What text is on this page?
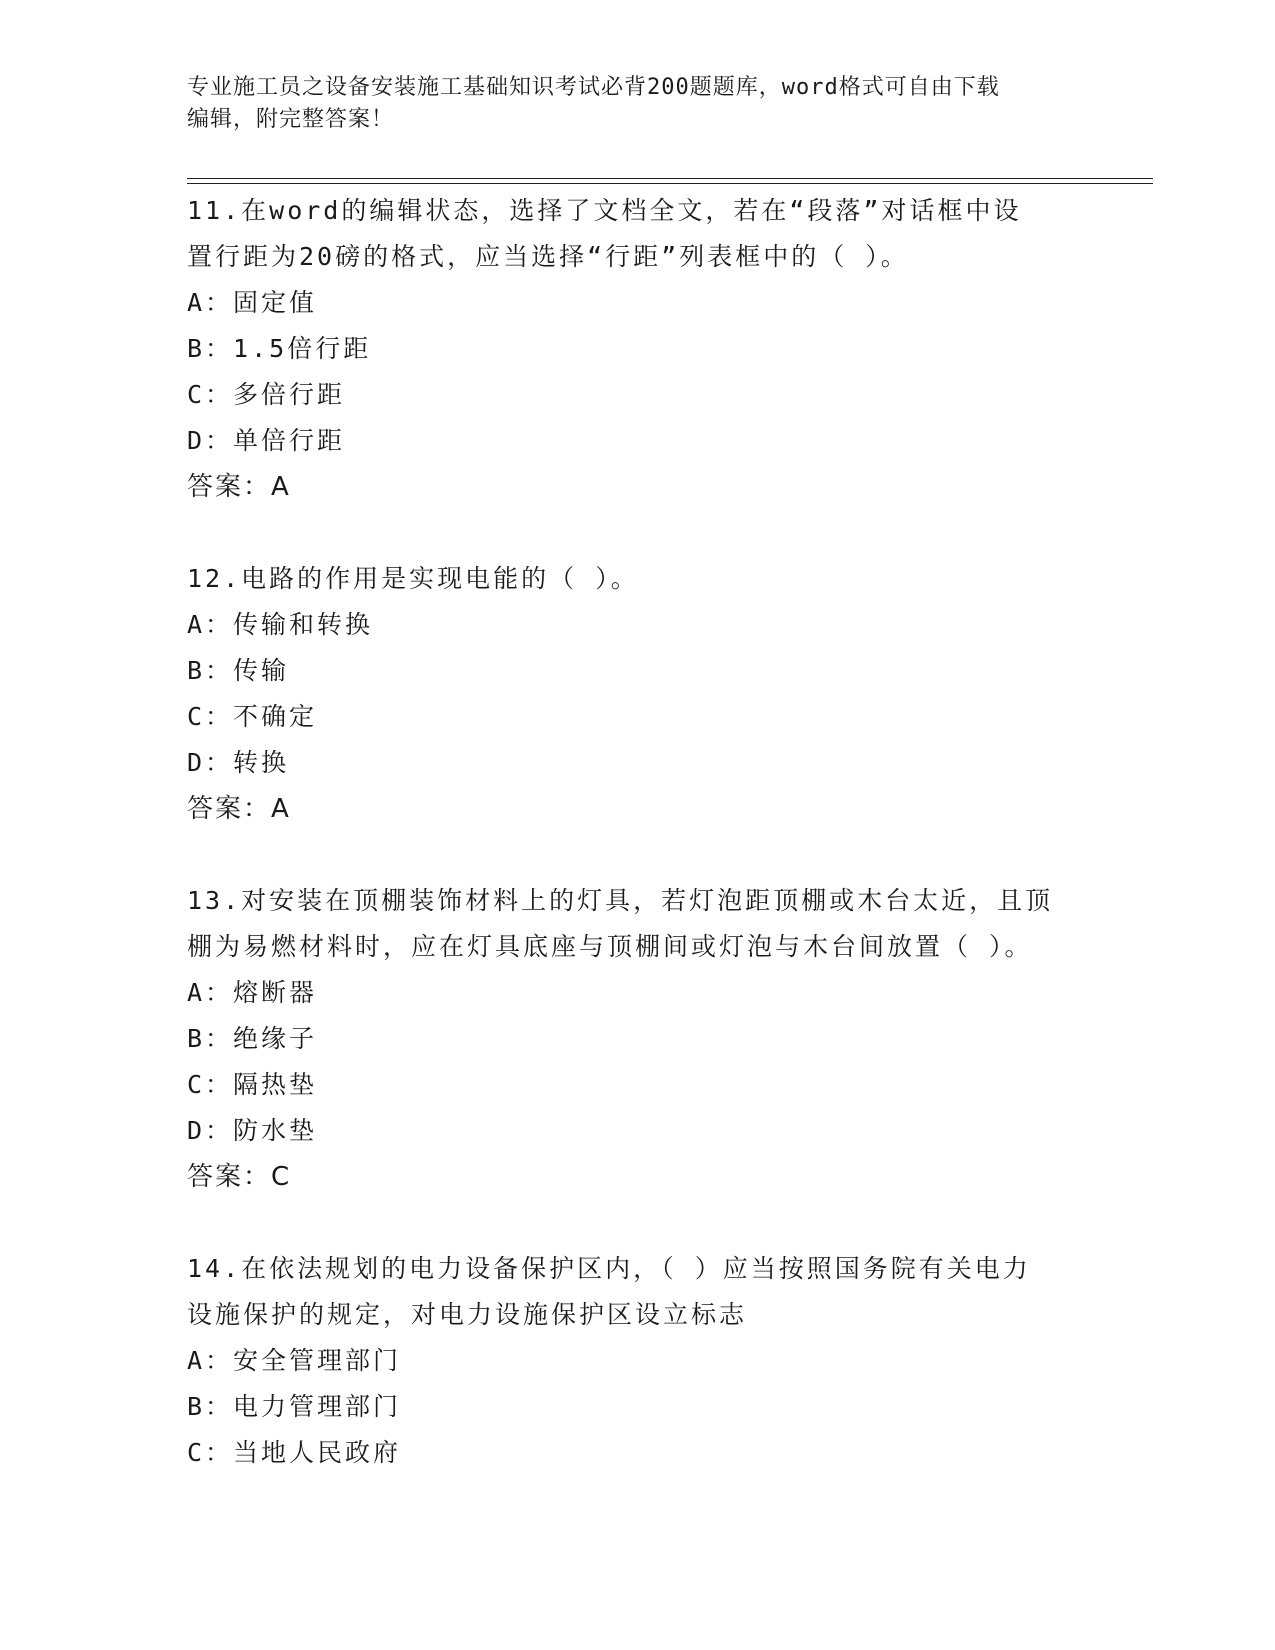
专业施工员之设备安装施工基础知识考试必背200题题库，word格式可自由下载
编辑，附完整答案！

11.在word的编辑状态，选择了文档全文，若在“段落”对话框中设

置行距为20磅的格式，应当选择“行距”列表框中的（ ）。

A：固定值

B：1.5倍行距

C：多倍行距

D：单倍行距

答案：A

12.电路的作用是实现电能的（ ）。

A：传输和转换

B：传输

C：不确定

D：转换

答案：A

13.对安装在顶棚装饰材料上的灯具，若灯泡距顶棚或木台太近，且顶

棚为易燃材料时，应在灯具底座与顶棚间或灯泡与木台间放置（ ）。

A：熔断器

B：绝缘子

C：隔热垫

D：防水垫

答案：C

14.在依法规划的电力设备保护区内，（ ）应当按照国务院有关电力

设施保护的规定，对电力设施保护区设立标志

A：安全管理部门

B：电力管理部门

C：当地人民政府
